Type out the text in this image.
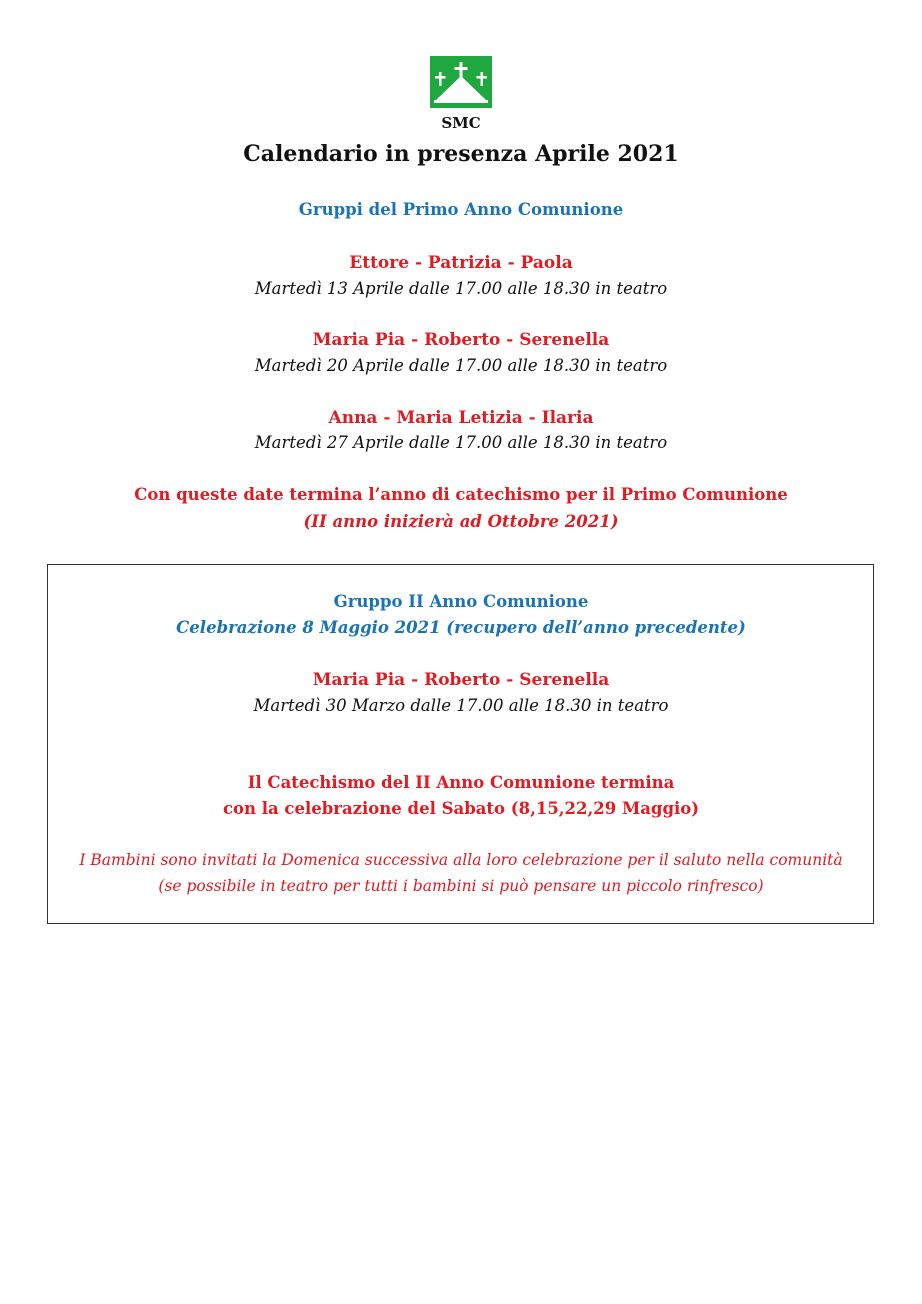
SMC
Calendario in presenza Aprile 2021
Gruppi del Primo Anno Comunione
Ettore - Patrizia - Paola
Martedì 13 Aprile dalle 17.00 alle 18.30 in teatro
Maria Pia - Roberto - Serenella
Martedì 20 Aprile dalle 17.00 alle 18.30 in teatro
Anna - Maria Letizia - Ilaria
Martedì 27 Aprile dalle 17.00 alle 18.30 in teatro
Con queste date termina l’anno di catechismo per il Primo Comunione
(II anno inizierà ad Ottobre 2021)
Gruppo II Anno Comunione
Celebrazione 8 Maggio 2021 (recupero dell’anno precedente)
Maria Pia - Roberto - Serenella
Martedì 30 Marzo dalle 17.00 alle 18.30 in teatro
Il Catechismo del II Anno Comunione termina
con la celebrazione del Sabato (8,15,22,29 Maggio)
I Bambini sono invitati la Domenica successiva alla loro celebrazione per il saluto nella comunità
(se possibile in teatro per tutti i bambini si può pensare un piccolo rinfresco)
